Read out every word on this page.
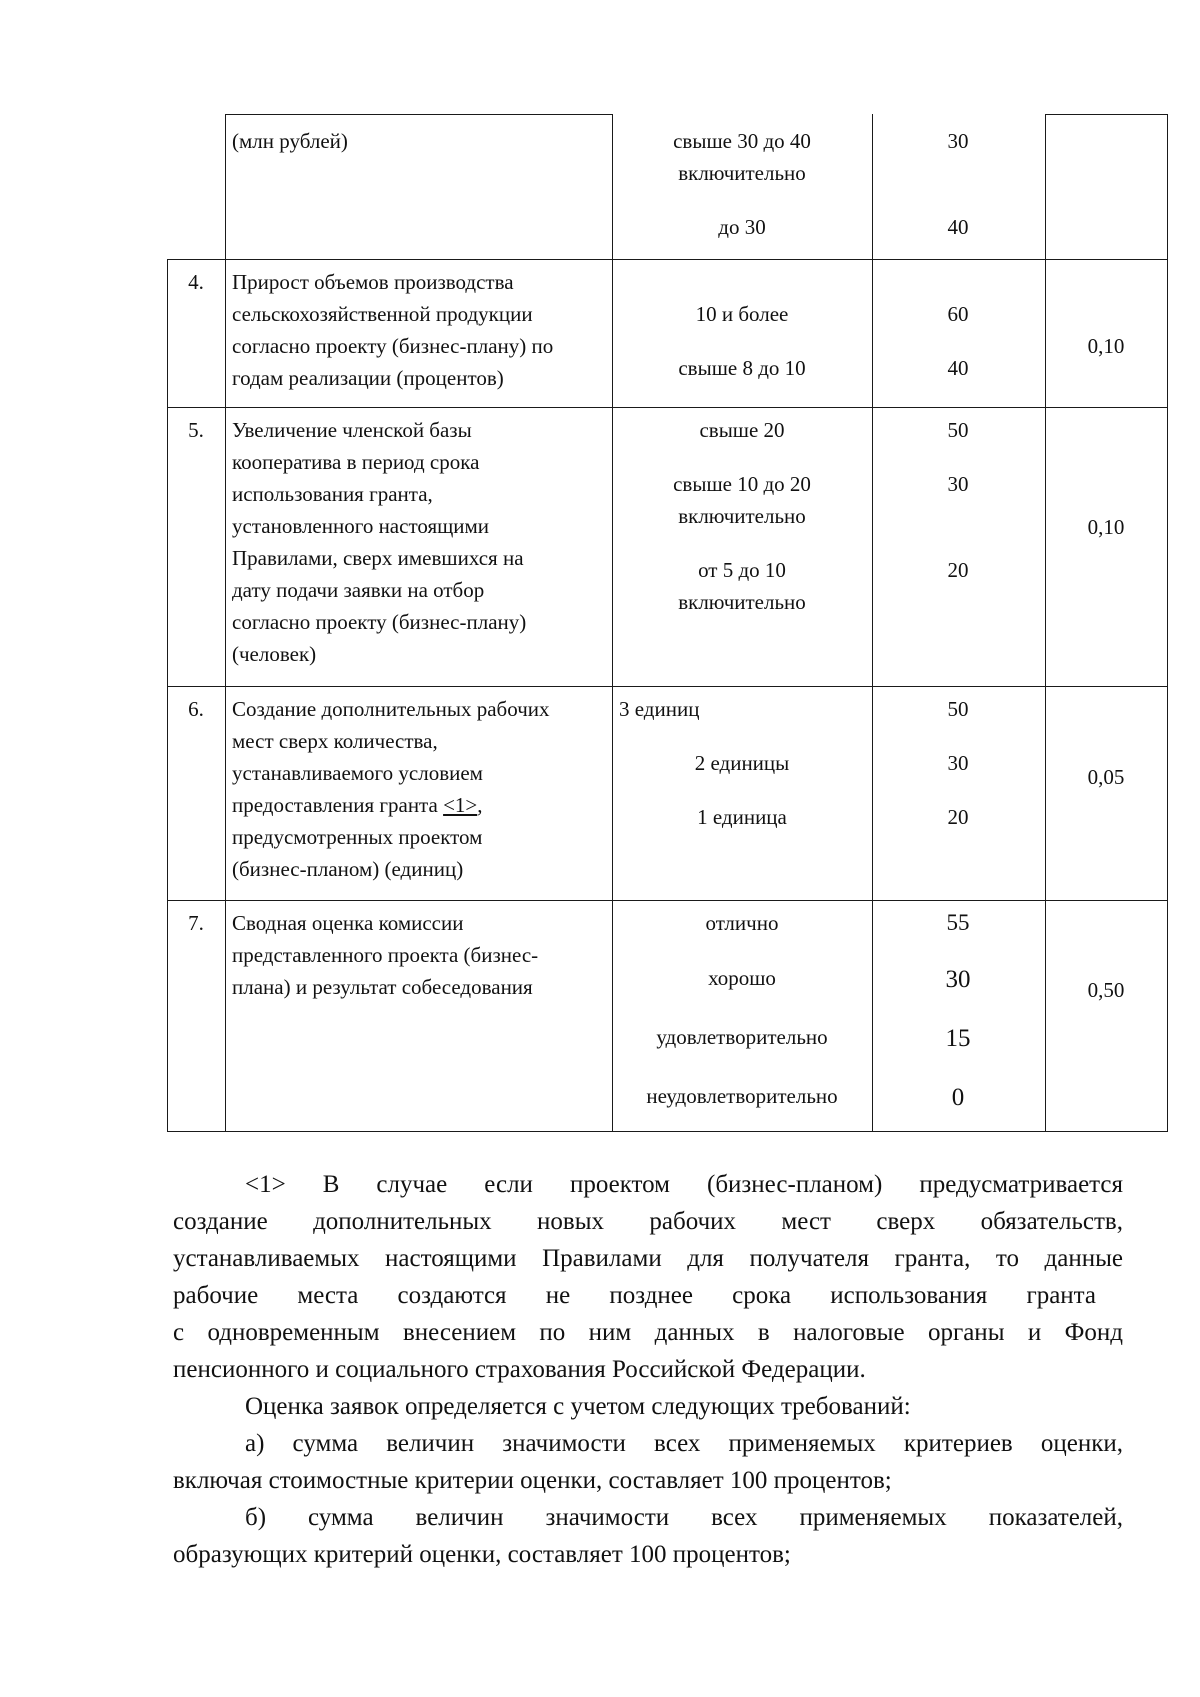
(млн рублей)	свыше 30 до 40
включительно
до 30
30
40
4. Прирост объемов производства
сельскохозяйственной продукции
согласно проекту (бизнес-плану) по
годам реализации (процентов)
10 и более
свыше 8 до 10
60
40
0,10
5. Увеличение членской базы
кооператива в период срока
использования гранта,
установленного настоящими
Правилами, сверх имевшихся на
дату подачи заявки на отбор
согласно проекту (бизнес-плану)
(человек)
свыше 20
свыше 10 до 20
включительно
от 5 до 10
включительно
50
30
20
0,10
6. Создание дополнительных рабочих
мест сверх количества,
устанавливаемого условием
предоставления гранта <1>,
предусмотренных проектом
(бизнес-планом) (единиц)
3 единиц
2 единицы
1 единица
50
30
20
0,05
7. Сводная оценка комиссии
представленного проекта (бизнес-
плана) и результат собеседования
отлично
хорошо
удовлетворительно
неудовлетворительно
55
30
15
0
0,50
<1> В случае если проектом (бизнес-планом) предусматривается
создание дополнительных новых рабочих мест сверх обязательств,
устанавливаемых настоящими Правилами для получателя гранта, то данные
рабочие места создаются не позднее срока использования гранта
с одновременным внесением по ним данных в налоговые органы и Фонд
пенсионного и социального страхования Российской Федерации.
Оценка заявок определяется с учетом следующих требований:
а) сумма величин значимости всех применяемых критериев оценки,
включая стоимостные критерии оценки, составляет 100 процентов;
б) сумма величин значимости всех применяемых показателей,
образующих критерий оценки, составляет 100 процентов;
